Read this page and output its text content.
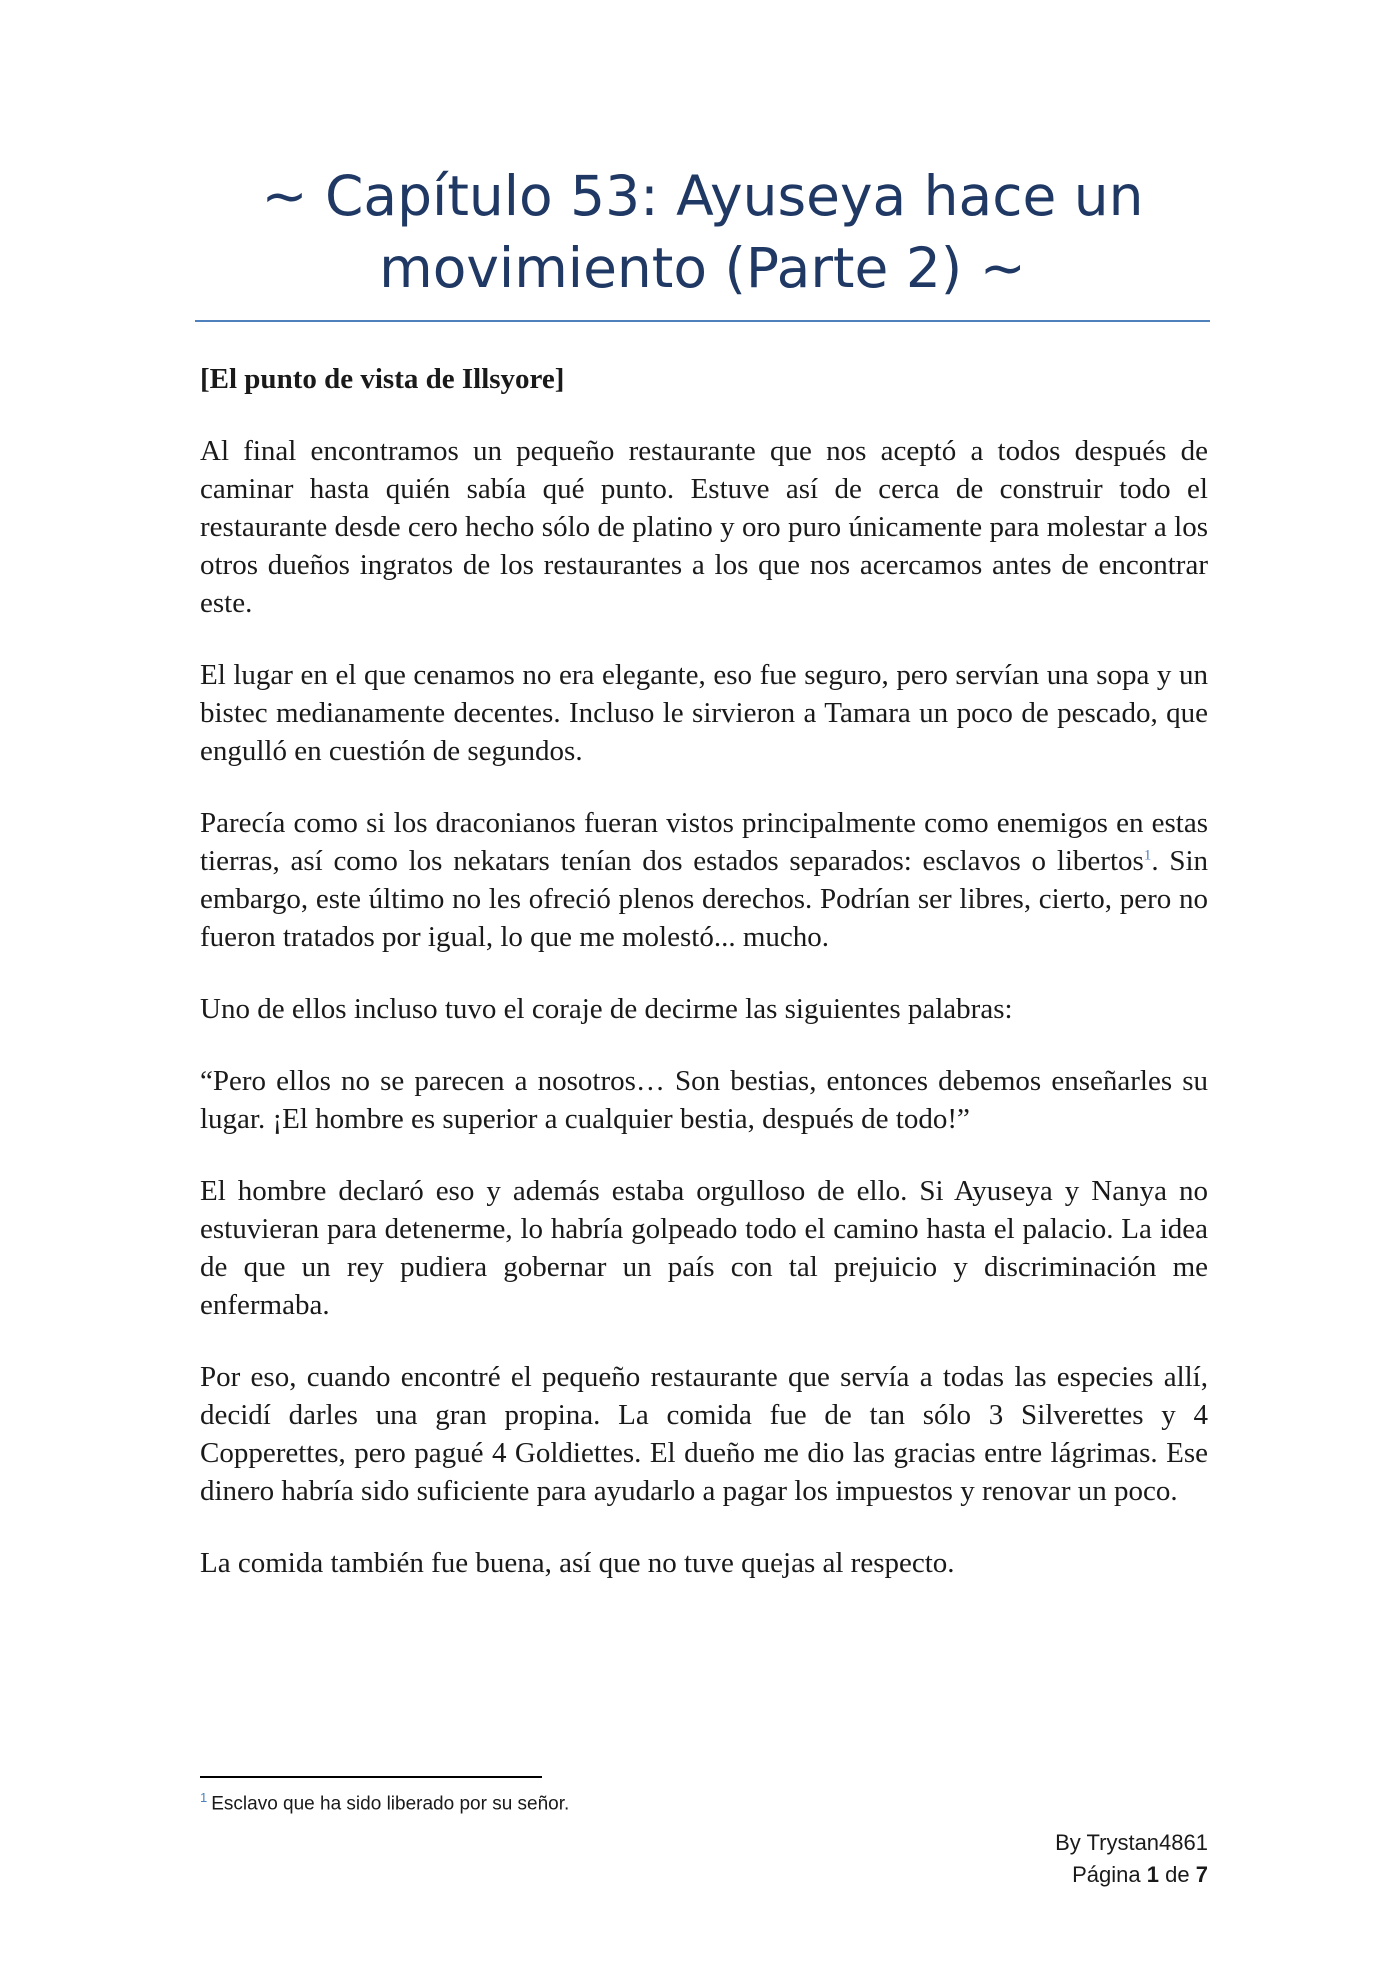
~ Capítulo 53: Ayuseya hace un
movimiento (Parte 2) ~
[El punto de vista de Illsyore]

Al final encontramos un pequeño restaurante que nos aceptó a todos después de caminar hasta quién sabía qué punto. Estuve así de cerca de construir todo el restaurante desde cero hecho sólo de platino y oro puro únicamente para molestar a los otros dueños ingratos de los restaurantes a los que nos acercamos antes de encontrar este.

El lugar en el que cenamos no era elegante, eso fue seguro, pero servían una sopa y un bistec medianamente decentes. Incluso le sirvieron a Tamara un poco de pescado, que engulló en cuestión de segundos.

Parecía como si los draconianos fueran vistos principalmente como enemigos en estas tierras, así como los nekatars tenían dos estados separados: esclavos o libertos$^1$. Sin embargo, este último no les ofreció plenos derechos. Podrían ser libres, cierto, pero no fueron tratados por igual, lo que me molestó... mucho.

Uno de ellos incluso tuvo el coraje de decirme las siguientes palabras:

“Pero ellos no se parecen a nosotros… Son bestias, entonces debemos enseñarles su lugar. ¡El hombre es superior a cualquier bestia, después de todo!”

El hombre declaró eso y además estaba orgulloso de ello. Si Ayuseya y Nanya no estuvieran para detenerme, lo habría golpeado todo el camino hasta el palacio. La idea de que un rey pudiera gobernar un país con tal prejuicio y discriminación me enfermaba.

Por eso, cuando encontré el pequeño restaurante que servía a todas las especies allí, decidí darles una gran propina. La comida fue de tan sólo 3 Silverettes y 4 Copperettes, pero pagué 4 Goldiettes. El dueño me dio las gracias entre lágrimas. Ese dinero habría sido suficiente para ayudarlo a pagar los impuestos y renovar un poco.

La comida también fue buena, así que no tuve quejas al respecto.

$^1$ Esclavo que ha sido liberado por su señor.
By Trystan4861
Página 1 de 7
